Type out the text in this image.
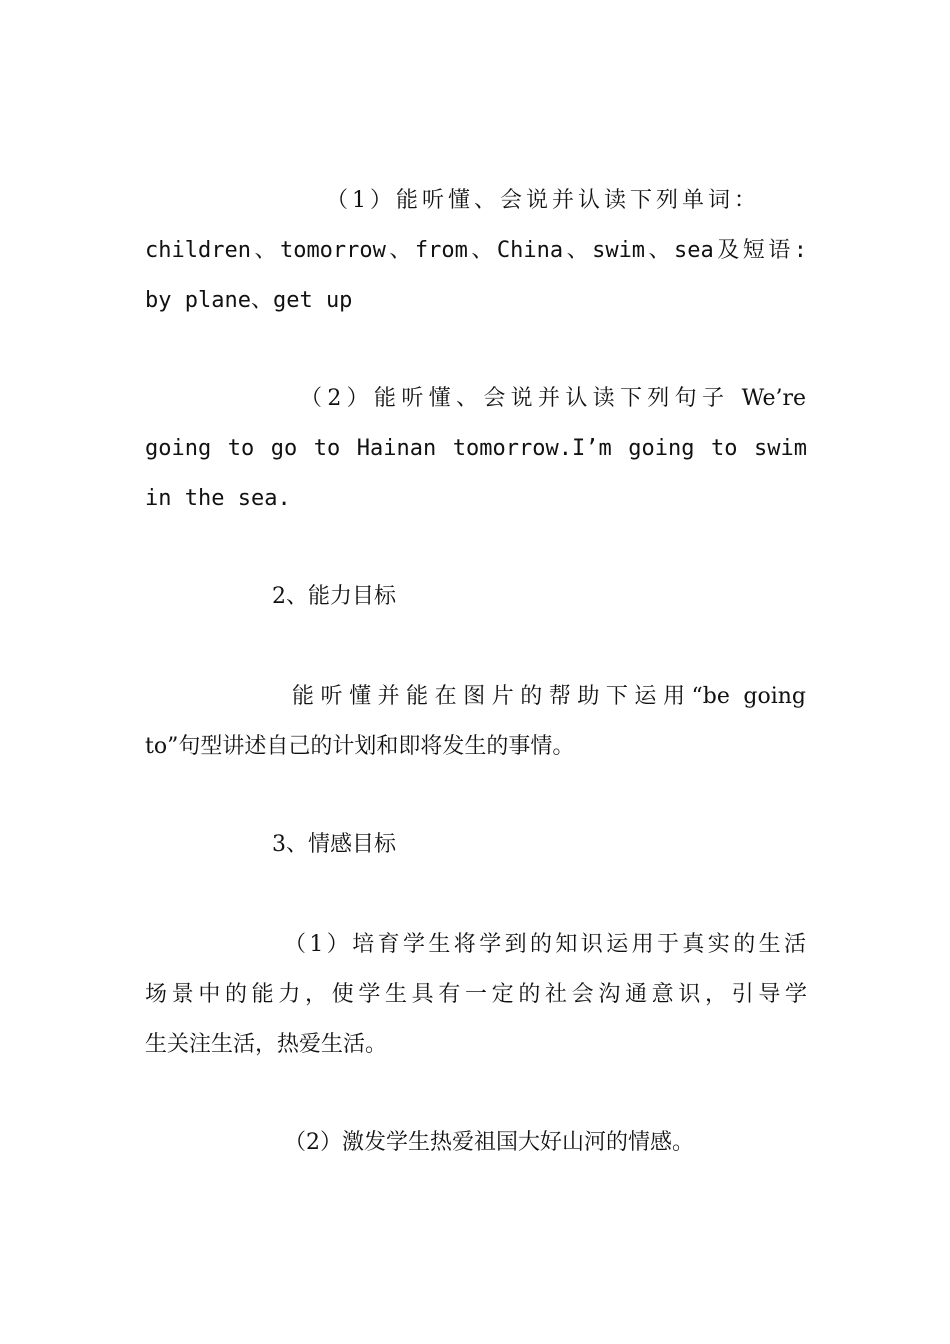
（1）能听懂、会说并认读下列单词：
children、tomorrow、from、China、swim、sea及短语:
by plane、get up
（2）能听懂、会说并认读下列句子 We’re
going to go to Hainan tomorrow.I’m going to swim
in the sea.
2、能力目标
能听懂并能在图片的帮助下运用“be going
to”句型讲述自己的计划和即将发生的事情。
3、情感目标
（1）培育学生将学到的知识运用于真实的生活
场景中的能力，使学生具有一定的社会沟通意识，引导学
生关注生活，热爱生活。
（2）激发学生热爱祖国大好山河的情感。
